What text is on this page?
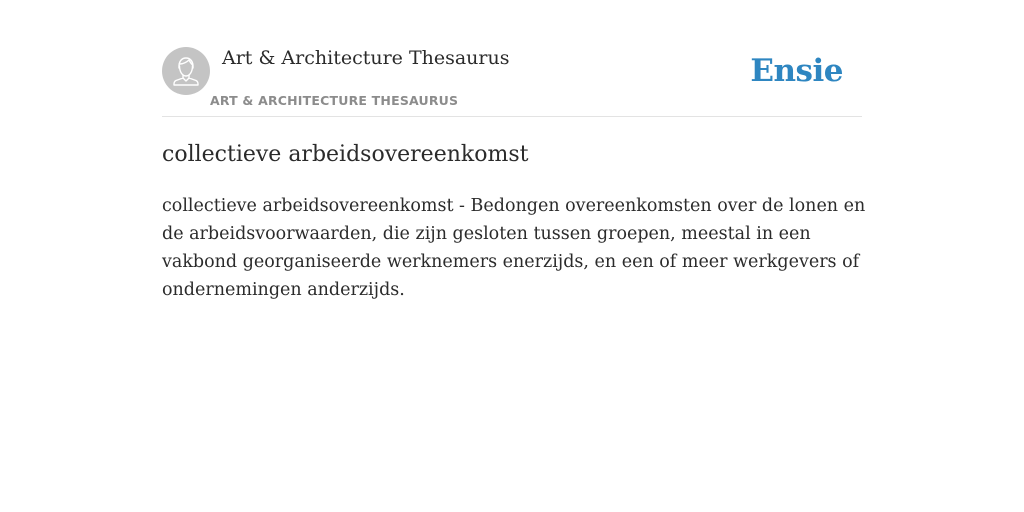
Art & Architecture Thesaurus
ART & ARCHITECTURE THESAURUS
Ensie
collectieve arbeidsovereenkomst

collectieve arbeidsovereenkomst - Bedongen overeenkomsten over de lonen en de arbeidsvoorwaarden, die zijn gesloten tussen groepen, meestal in een vakbond georganiseerde werknemers enerzijds, en een of meer werkgevers of ondernemingen anderzijds.
